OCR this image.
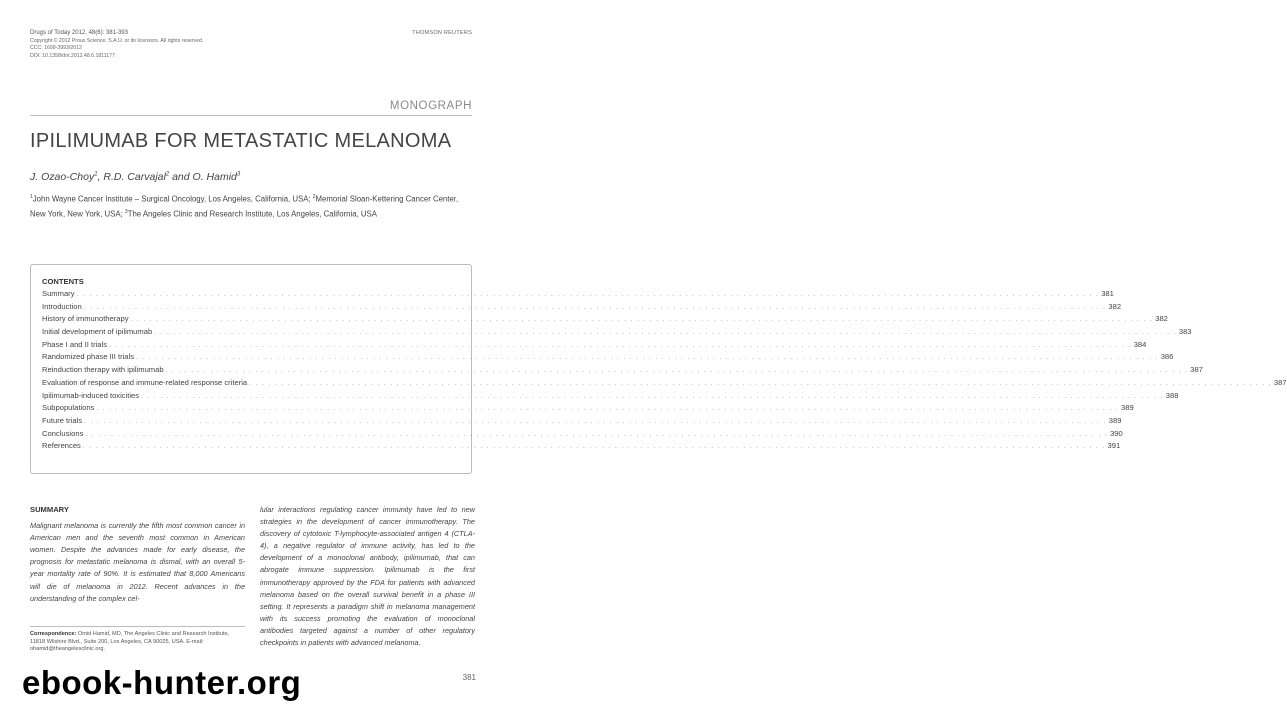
Drugs of Today 2012, 48(6): 381-393
Copyright © 2012 Prous Science, S.A.U. or its licensors. All rights reserved.
CCC: 1699-3993/2012
DOI: 10.1358/dot.2012.48.6.1811177
THOMSON REUTERS
MONOGRAPH
IPILIMUMAB FOR METASTATIC MELANOMA
J. Ozao-Choy$^1$, R.D. Carvajal$^2$ and O. Hamid$^3$
$^1$John Wayne Cancer Institute – Surgical Oncology, Los Angeles, California, USA; $^2$Memorial Sloan-Kettering Cancer Center, New York, New York, USA; $^3$The Angeles Clinic and Research Institute, Los Angeles, California, USA
CONTENTS
Summary . . . . . . . . . . . . . . . . . . . . . . . . . . . . . . . . . . . . . . . . . . . . . . . . . . . . . . . . . . . . . . . . . . . . . . . . . . . . . . . . . . . . . . . . . . . . . . . . . . . . . . . . . . . . . . . . . . . . . . . . . . . . . . . . . . . . . . . . . . . . . . . . . . . . . . . . . . . . . . . . 381
Introduction . . . . . . . . . . . . . . . . . . . . . . . . . . . . . . . . . . . . . . . . . . . . . . . . . . . . . . . . . . . . . . . . . . . . . . . . . . . . . . . . . . . . . . . . . . . . . . . . . . . . . . . . . . . . . . . . . . . . . . . . . . . . . . . . . . . . . . . . . . . . . . . . . . . . . . . . . . . . . . . . 382
History of immunotherapy . . . . . . . . . . . . . . . . . . . . . . . . . . . . . . . . . . . . . . . . . . . . . . . . . . . . . . . . . . . . . . . . . . . . . . . . . . . . . . . . . . . . . . . . . . . . . . . . . . . . . . . . . . . . . . . . . . . . . . . . . . . . . . . . . . . . . . . . . . . . . . . . . . . . . . . . . . . . . . . . 382
Initial development of ipilimumab . . . . . . . . . . . . . . . . . . . . . . . . . . . . . . . . . . . . . . . . . . . . . . . . . . . . . . . . . . . . . . . . . . . . . . . . . . . . . . . . . . . . . . . . . . . . . . . . . . . . . . . . . . . . . . . . . . . . . . . . . . . . . . . . . . . . . . . . . . . . . . . . . . . . . . . . . . . . . . . . 383
Phase I and II trials . . . . . . . . . . . . . . . . . . . . . . . . . . . . . . . . . . . . . . . . . . . . . . . . . . . . . . . . . . . . . . . . . . . . . . . . . . . . . . . . . . . . . . . . . . . . . . . . . . . . . . . . . . . . . . . . . . . . . . . . . . . . . . . . . . . . . . . . . . . . . . . . . . . . . . . . . . . . . . . . 384
Randomized phase III trials . . . . . . . . . . . . . . . . . . . . . . . . . . . . . . . . . . . . . . . . . . . . . . . . . . . . . . . . . . . . . . . . . . . . . . . . . . . . . . . . . . . . . . . . . . . . . . . . . . . . . . . . . . . . . . . . . . . . . . . . . . . . . . . . . . . . . . . . . . . . . . . . . . . . . . . . . . . . . . . . 386
Reinduction therapy with ipilimumab . . . . . . . . . . . . . . . . . . . . . . . . . . . . . . . . . . . . . . . . . . . . . . . . . . . . . . . . . . . . . . . . . . . . . . . . . . . . . . . . . . . . . . . . . . . . . . . . . . . . . . . . . . . . . . . . . . . . . . . . . . . . . . . . . . . . . . . . . . . . . . . . . . . . . . . . . . . . . . . . 387
Evaluation of response and immune-related response criteria . . . . . . . . . . . . . . . . . . . . . . . . . . . . . . . . . . . . . . . . . . . . . . . . . . . . . . . . . . . . . . . . . . . . . . . . . . . . . . . . . . . . . . . . . . . . . . . . . . . . . . . . . . . . . . . . . . . . . . . . . . . . . . . . . . . . . . . . . . . . . . . . . . . . . . . . . . . . . . . . 387
Ipilimumab-induced toxicities . . . . . . . . . . . . . . . . . . . . . . . . . . . . . . . . . . . . . . . . . . . . . . . . . . . . . . . . . . . . . . . . . . . . . . . . . . . . . . . . . . . . . . . . . . . . . . . . . . . . . . . . . . . . . . . . . . . . . . . . . . . . . . . . . . . . . . . . . . . . . . . . . . . . . . . . . . . . . . . . 388
Subpopulations . . . . . . . . . . . . . . . . . . . . . . . . . . . . . . . . . . . . . . . . . . . . . . . . . . . . . . . . . . . . . . . . . . . . . . . . . . . . . . . . . . . . . . . . . . . . . . . . . . . . . . . . . . . . . . . . . . . . . . . . . . . . . . . . . . . . . . . . . . . . . . . . . . . . . . . . . . . . . . . . 389
Future trials . . . . . . . . . . . . . . . . . . . . . . . . . . . . . . . . . . . . . . . . . . . . . . . . . . . . . . . . . . . . . . . . . . . . . . . . . . . . . . . . . . . . . . . . . . . . . . . . . . . . . . . . . . . . . . . . . . . . . . . . . . . . . . . . . . . . . . . . . . . . . . . . . . . . . . . . . . . . . . . . 389
Conclusions . . . . . . . . . . . . . . . . . . . . . . . . . . . . . . . . . . . . . . . . . . . . . . . . . . . . . . . . . . . . . . . . . . . . . . . . . . . . . . . . . . . . . . . . . . . . . . . . . . . . . . . . . . . . . . . . . . . . . . . . . . . . . . . . . . . . . . . . . . . . . . . . . . . . . . . . . . . . . . . . 390
References . . . . . . . . . . . . . . . . . . . . . . . . . . . . . . . . . . . . . . . . . . . . . . . . . . . . . . . . . . . . . . . . . . . . . . . . . . . . . . . . . . . . . . . . . . . . . . . . . . . . . . . . . . . . . . . . . . . . . . . . . . . . . . . . . . . . . . . . . . . . . . . . . . . . . . . . . . . . . . . . 391
SUMMARY

Malignant melanoma is currently the fifth most common cancer in American men and the seventh most common in American women. Despite the advances made for early disease, the prognosis for metastatic melanoma is dismal, with an overall 5-year mortality rate of 90%. It is estimated that 8,000 Americans will die of melanoma in 2012. Recent advances in the understanding of the complex cel-

lular interactions regulating cancer immunity have led to new strategies in the development of cancer immunotherapy. The discovery of cytotoxic T-lymphocyte-associated antigen 4 (CTLA-4), a negative regulator of immune activity, has led to the development of a monoclonal antibody, ipilimumab, that can abrogate immune suppression. Ipilimumab is the first immunotherapy approved by the FDA for patients with advanced melanoma based on the overall survival benefit in a phase III setting. It represents a paradigm shift in melanoma management with its success promoting the evaluation of monoclonal antibodies targeted against a number of other regulatory checkpoints in patients with advanced melanoma.

Correspondence: Omid Hamid, MD, The Angeles Clinic and Research Institute, 11818 Wilshire Blvd., Suite 200, Los Angeles, CA 90025, USA. E-mail: ohamid@theangelesclinic.org.
381
ebook-hunter.org
